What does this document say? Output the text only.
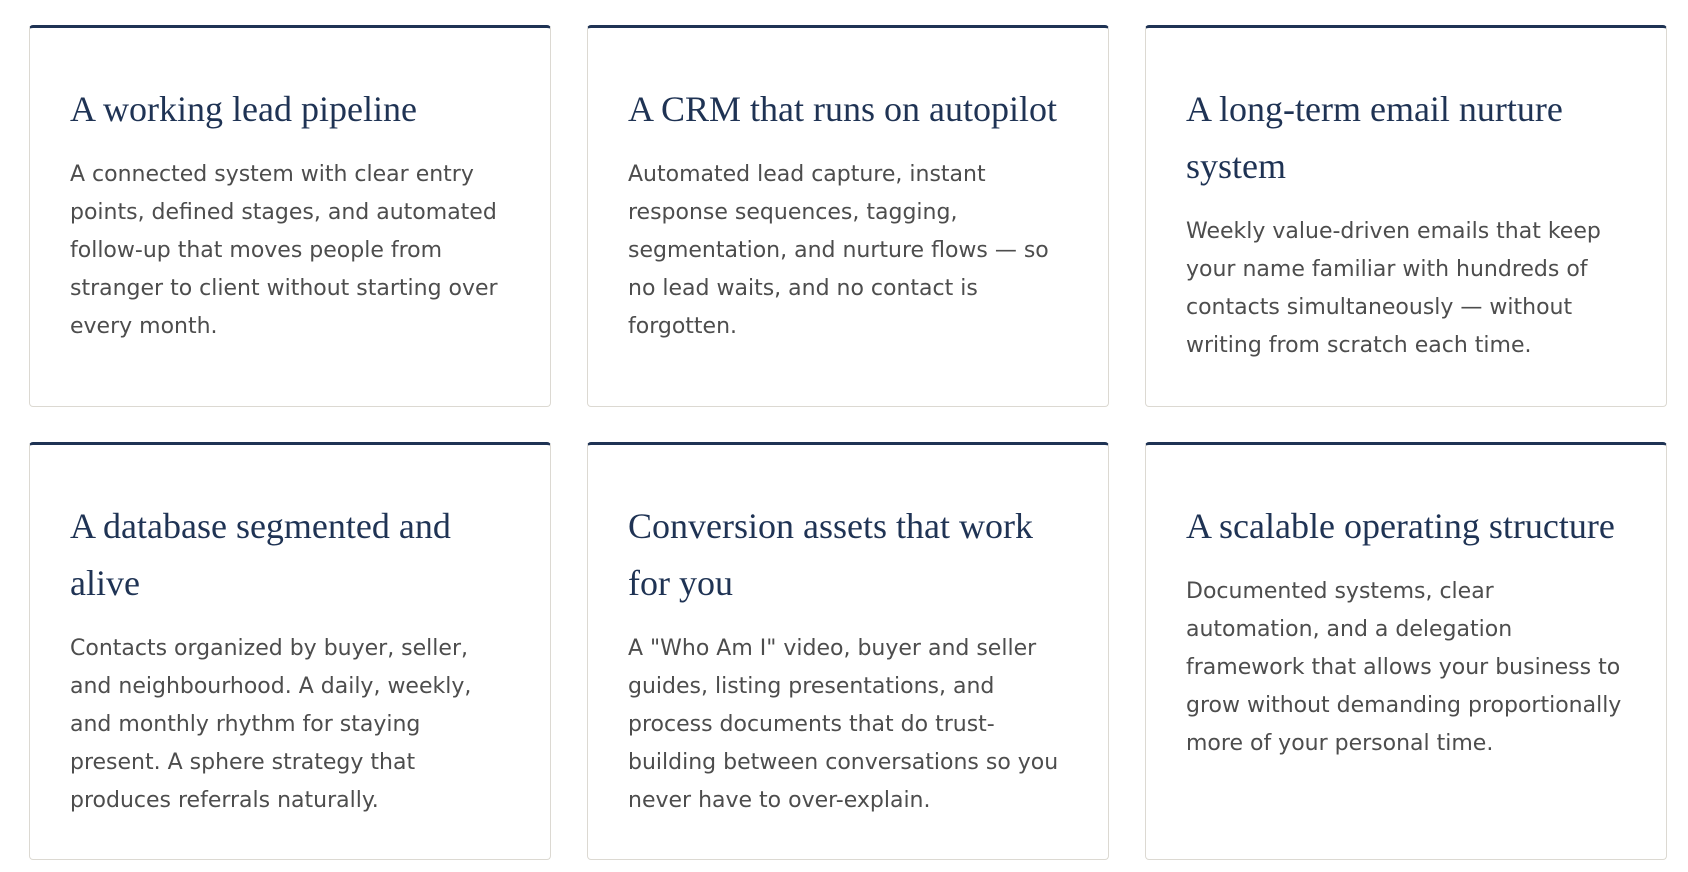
A working lead pipeline

A connected system with clear entry points, defined stages, and automated follow-up that moves people from stranger to client without starting over every month.

A CRM that runs on autopilot

Automated lead capture, instant response sequences, tagging, segmentation, and nurture flows — so no lead waits, and no contact is forgotten.

A long-term email nurture system

Weekly value-driven emails that keep your name familiar with hundreds of contacts simultaneously — without writing from scratch each time.

A database segmented and alive

Contacts organized by buyer, seller, and neighbourhood. A daily, weekly, and monthly rhythm for staying present. A sphere strategy that produces referrals naturally.

Conversion assets that work for you

A "Who Am I" video, buyer and seller guides, listing presentations, and process documents that do trust-building between conversations so you never have to over-explain.

A scalable operating structure

Documented systems, clear automation, and a delegation framework that allows your business to grow without demanding proportionally more of your personal time.
